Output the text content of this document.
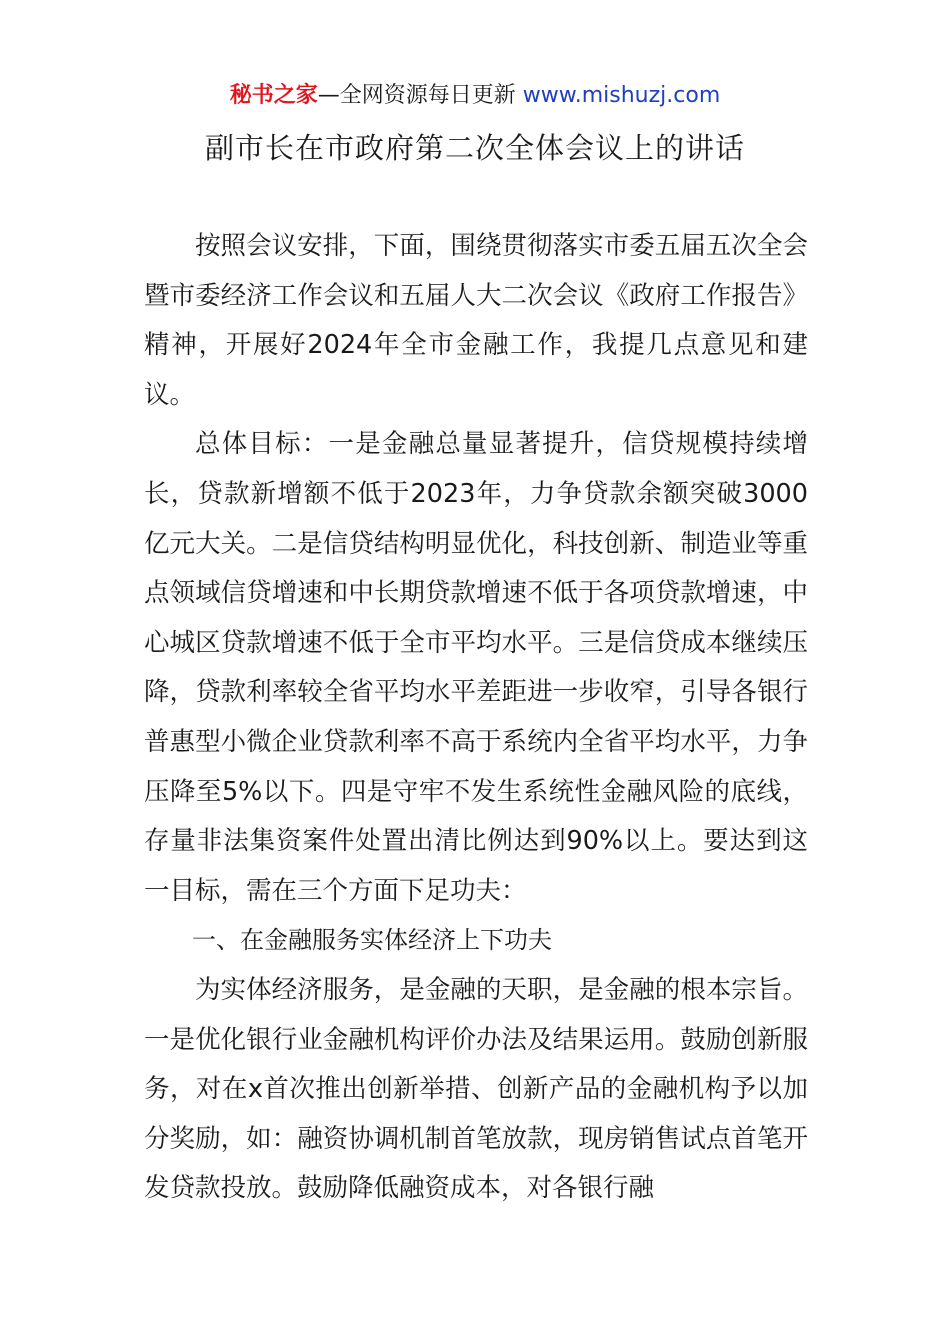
秘书之家—全网资源每日更新 www.mishuzj.com
副市长在市政府第二次全体会议上的讲话

按照会议安排，下面，围绕贯彻落实市委五届五次全会暨市委经济工作会议和五届人大二次会议《政府工作报告》精神，开展好2024年全市金融工作，我提几点意见和建议。

总体目标：一是金融总量显著提升，信贷规模持续增长，贷款新增额不低于2023年，力争贷款余额突破3000亿元大关。二是信贷结构明显优化，科技创新、制造业等重点领域信贷增速和中长期贷款增速不低于各项贷款增速，中心城区贷款增速不低于全市平均水平。三是信贷成本继续压降，贷款利率较全省平均水平差距进一步收窄，引导各银行普惠型小微企业贷款利率不高于系统内全省平均水平，力争压降至5%以下。四是守牢不发生系统性金融风险的底线，存量非法集资案件处置出清比例达到90%以上。要达到这一目标，需在三个方面下足功夫：

一、在金融服务实体经济上下功夫

为实体经济服务，是金融的天职，是金融的根本宗旨。一是优化银行业金融机构评价办法及结果运用。鼓励创新服务，对在x首次推出创新举措、创新产品的金融机构予以加分奖励，如：融资协调机制首笔放款，现房销售试点首笔开发贷款投放。鼓励降低融资成本，对各银行融
